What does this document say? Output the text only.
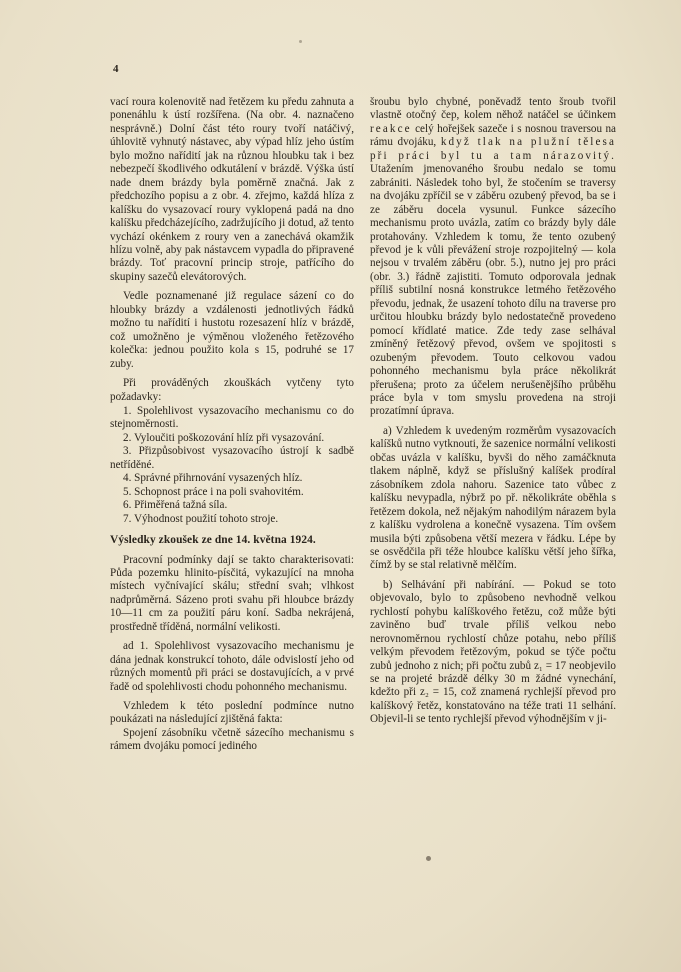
4

vací roura kolenovitě nad řetězem ku předu zahnuta a ponenáhlu k ústí rozšířena. (Na obr. 4. naznačeno nesprávně.) Dolní část této roury tvoří natáčivý, úhlovitě vyhnutý nástavec, aby výpad hlíz jeho ústím bylo možno nařídití jak na různou hloubku tak i bez nebezpečí škodlivého odkutálení v brázdě. Výška ústí nade dnem brázdy byla poměrně značná. Jak z předchozího popisu a z obr. 4. zřejmo, každá hlíza z kalíšku do vysazovací roury vyklopená padá na dno kalíšku předcházejícího, zadržujícího ji dotud, až tento vychází okénkem z roury ven a zanechává okamžik hlízu volně, aby pak nástavcem vypadla do připravené brázdy. Toť pracovní princip stroje, patřícího do skupiny sazečů elevátorových.

Vedle poznamenané již regulace sázení co do hloubky brázdy a vzdálenosti jednotlivých řádků možno tu nařídití i hustotu rozesazení hlíz v brázdě, což umožněno je výměnou vloženého řetězového kolečka: jednou použito kola s 15, podruhé se 17 zuby.

Při prováděných zkouškách vytčeny tyto požadavky:

1. Spolehlivost vysazovacího mechanismu co do stejnoměrnosti.
2. Vyloučiti poškozování hlíz při vysazování.
3. Přizpůsobivost vysazovacího ústrojí k sadbě netříděné.
4. Správné přihrnování vysazených hlíz.
5. Schopnost práce i na poli svahovitém.
6. Přiměřená tažná síla.
7. Výhodnost použití tohoto stroje.
Výsledky zkoušek ze dne 14. května 1924.

Pracovní podmínky dají se takto charakterisovati: Půda pozemku hlinito-písčitá, vykazující na mnoha místech vyčnívající skálu; střední svah; vlhkost nadprůměrná. Sázeno proti svahu při hloubce brázdy 10—11 cm za použití páru koní. Sadba nekrájená, prostředně tříděná, normální velikosti.

ad 1. Spolehlivost vysazovacího mechanismu je dána jednak konstrukcí tohoto, dále odvislostí jeho od různých momentů při práci se dostavujících, a v prvé řadě od spolehlivosti chodu pohonného mechanismu.

Vzhledem k této poslední podmínce nutno poukázati na následující zjištěná fakta:

Spojení zásobníku včetně sázecího mechanismu s rámem dvojáku pomocí jediného

šroubu bylo chybné, poněvadž tento šroub tvořil vlastně otočný čep, kolem něhož natáčel se účinkem reakce celý hořejšek sazeče i s nosnou traversou na rámu dvojáku, když tlak na plužní tělesa při práci byl tu a tam nárazovitý. Utažením jmenovaného šroubu nedalo se tomu zabrániti. Následek toho byl, že stočením se traversy na dvojáku zpříčil se v záběru ozubený převod, ba se i ze záběru docela vysunul. Funkce sázecího mechanismu proto uvázla, zatím co brázdy byly dále protahovány. Vzhledem k tomu, že tento ozubený převod je k vůli převážení stroje rozpojitelný — kola nejsou v trvalém záběru (obr. 5.), nutno jej pro práci (obr. 3.) řádně zajistiti. Tomuto odporovala jednak příliš subtilní nosná konstrukce letmého řetězového převodu, jednak, že usazení tohoto dílu na traverse pro určitou hloubku brázdy bylo nedostatečně provedeno pomocí křídlaté matice. Zde tedy zase selhával zmíněný řetězový převod, ovšem ve spojitosti s ozubeným převodem. Touto celkovou vadou pohonného mechanismu byla práce několikrát přerušena; proto za účelem nerušenějšího průběhu práce byla v tom smyslu provedena na stroji prozatímní úprava.

a) Vzhledem k uvedeným rozměrům vysazovacích kalíšků nutno vytknouti, že sazenice normální velikosti občas uvázla v kalíšku, byvši do něho zamáčknuta tlakem náplně, když se příslušný kalíšek prodíral zásobníkem zdola nahoru. Sazenice tato vůbec z kalíšku nevypadla, nýbrž po př. několikráte oběhla s řetězem dokola, než nějakým nahodilým nárazem byla z kalíšku vydrolena a konečně vysazena. Tím ovšem musila býti způsobena větší mezera v řádku. Lépe by se osvědčila při téže hloubce kalíšku větší jeho šířka, čímž by se stal relativně mělčím.

b) Selhávání při nabírání. — Pokud se toto objevovalo, bylo to způsobeno nevhodně velkou rychlostí pohybu kalíškového řetězu, což může býti zaviněno buď trvale příliš velkou nebo nerovnoměrnou rychlostí chůze potahu, nebo příliš velkým převodem řetězovým, pokud se týče počtu zubů jednoho z nich; při počtu zubů z₁ = 17 neobjevilo se na projeté brázdě délky 30 m žádné vynechání, kdežto při z₂ = 15, což znamená rychlejší převod pro kalíškový řetěz, konstatováno na téže trati 11 selhání. Objevil-li se tento rychlejší převod výhodnějším v ji-
